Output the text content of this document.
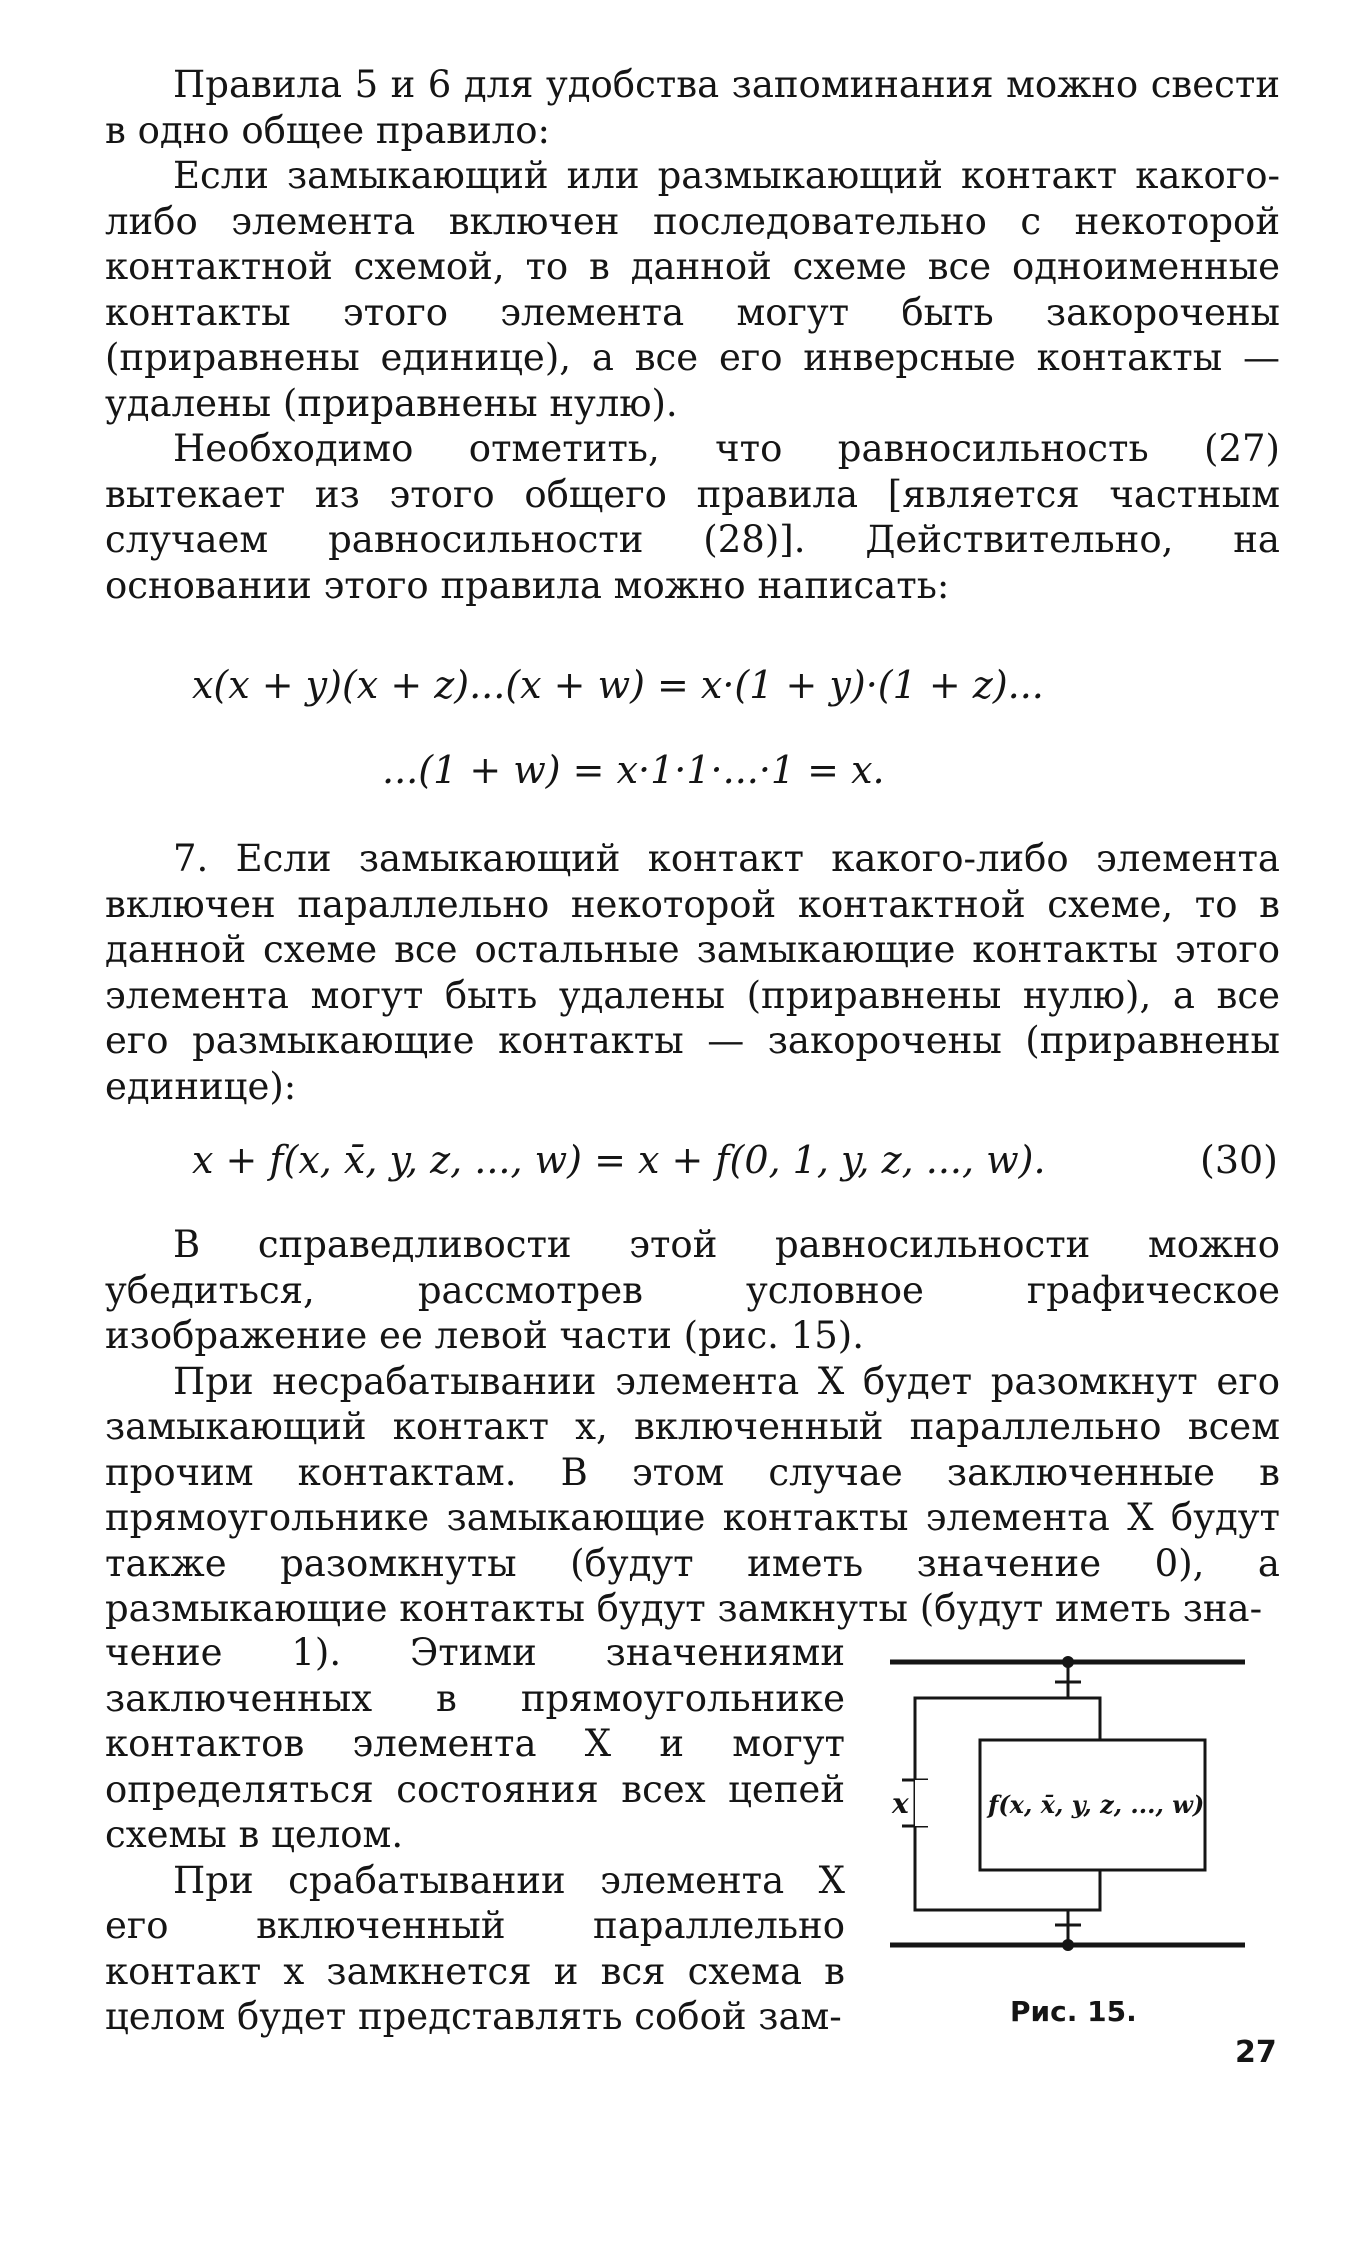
Правила 5 и 6 для удобства запоминания можно свести в одно общее правило:

Если замыкающий или размыкающий контакт какого-либо элемента включен последовательно с некоторой контактной схемой, то в данной схеме все одноименные контакты этого элемента могут быть закорочены (приравнены единице), а все его инверсные контакты — удалены (приравнены нулю).

Необходимо отметить, что равносильность (27) вытекает из этого общего правила [является частным случаем равносильности (28)]. Действительно, на основании этого правила можно написать:

x(x + y)(x + z)...(x + w) = x·(1 + y)·(1 + z)...
...(1 + w) = x·1·1·...·1 = x.

7. Если замыкающий контакт какого-либо элемента включен параллельно некоторой контактной схеме, то в данной схеме все остальные замыкающие контакты этого элемента могут быть удалены (приравнены нулю), а все его размыкающие контакты — закорочены (приравнены единице):

x + f(x, x̄, y, z, ..., w) = x + f(0, 1, y, z, ..., w).	(30)

В справедливости этой равносильности можно убедиться, рассмотрев условное графическое изображение ее левой части (рис. 15).

При несрабатывании элемента X будет разомкнут его замыкающий контакт x, включенный параллельно всем прочим контактам. В этом случае заключенные в прямоугольнике замыкающие контакты элемента X будут также разомкнуты (будут иметь значение 0), а размыкающие контакты будут замкнуты (будут иметь зна-

чение 1). Этими значениями заключенных в прямоугольнике контактов элемента X и могут определяться состояния всех цепей схемы в целом.

При срабатывании элемента X его включенный параллельно контакт x замкнется и вся схема в целом будет представлять собой зам-

x	f(x, x̄, y, z, ..., w)
Рис. 15.
27
